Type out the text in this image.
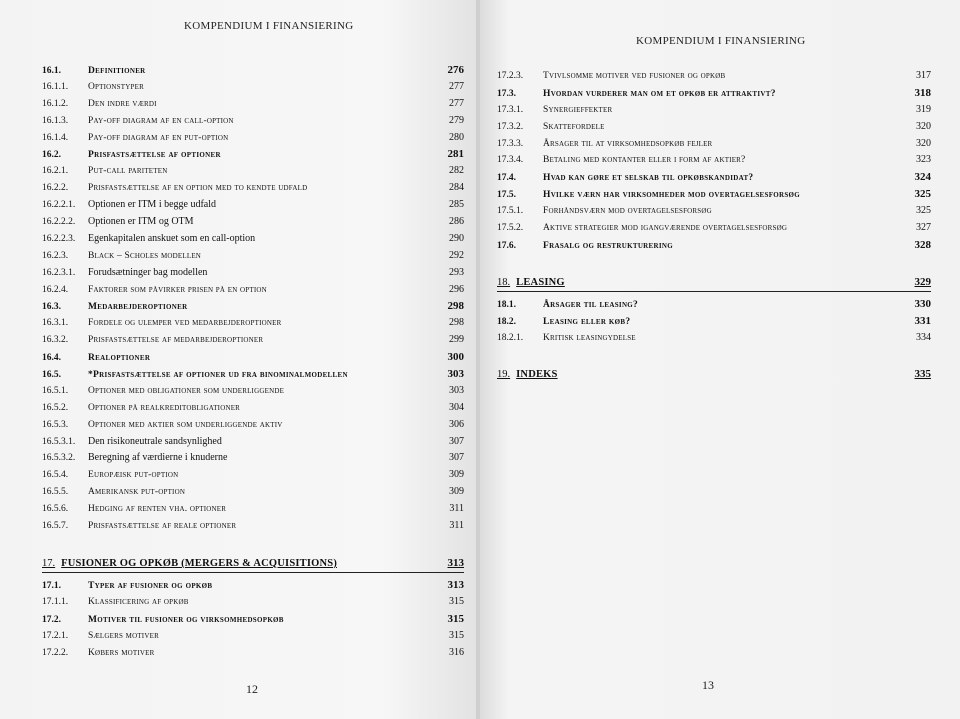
KOMPENDIUM I FINANSIERING
16.1.	Definitioner	276
16.1.1.	Optionstyper	277
16.1.2.	Den indre værdi	277
16.1.3.	Pay-off diagram af en call-option	279
16.1.4.	Pay-off diagram af en put-option	280
16.2.	Prisfastsættelse af optioner	281
16.2.1.	Put-call pariteten	282
16.2.2.	Prisfastsættelse af en option med to kendte udfald	284
16.2.2.1.	Optionen er ITM i begge udfald	285
16.2.2.2.	Optionen er ITM og OTM	286
16.2.2.3.	Egenkapitalen anskuet som en call-option	290
16.2.3.	Black – Scholes modellen	292
16.2.3.1.	Forudsætninger bag modellen	293
16.2.4.	Faktorer som påvirker prisen på en option	296
16.3.	Medarbejderoptioner	298
16.3.1.	Fordele og ulemper ved medarbejderoptioner	298
16.3.2.	Prisfastsættelse af medarbejderoptioner	299
16.4.	Realoptioner	300
16.5.	*Prisfastsættelse af optioner ud fra binominalmodellen	303
16.5.1.	Optioner med obligationer som underliggende	303
16.5.2.	Optioner på realkreditobligationer	304
16.5.3.	Optioner med aktier som underliggende aktiv	306
16.5.3.1.	Den risikoneutrale sandsynlighed	307
16.5.3.2.	Beregning af værdierne i knuderne	307
16.5.4.	Europæisk put-option	309
16.5.5.	Amerikansk put-option	309
16.5.6.	Hedging af renten vha. optioner	311
16.5.7.	Prisfastsættelse af reale optioner	311
17. FUSIONER OG OPKØB (MERGERS & ACQUISITIONS)	313
17.1.	Typer af fusioner og opkøb	313
17.1.1.	Klassificering af opkøb	315
17.2.	Motiver til fusioner og virksomhedsopkøb	315
17.2.1.	Sælgers motiver	315
17.2.2.	Købers motiver	316
12
KOMPENDIUM I FINANSIERING
17.2.3.	Tvivlsomme motiver ved fusioner og opkøb	317
17.3.	Hvordan vurderer man om et opkøb er attraktivt?	318
17.3.1.	Synergieffekter	319
17.3.2.	Skattefordele	320
17.3.3.	Årsager til at virksomhedsopkøb fejler	320
17.3.4.	Betaling med kontanter eller i form af aktier?	323
17.4.	Hvad kan gøre et selskab til opkøbskandidat?	324
17.5.	Hvilke værn har virksomheder mod overtagelsesforsøg	325
17.5.1.	Forhåndsværn mod overtagelsesforsøg	325
17.5.2.	Aktive strategier mod igangværende overtagelsesforsøg	327
17.6.	Frasalg og restrukturering	328
18. LEASING	329
18.1.	Årsager til leasing?	330
18.2.	Leasing eller køb?	331
18.2.1.	Kritisk leasingydelse	334
19. INDEKS	335
13
